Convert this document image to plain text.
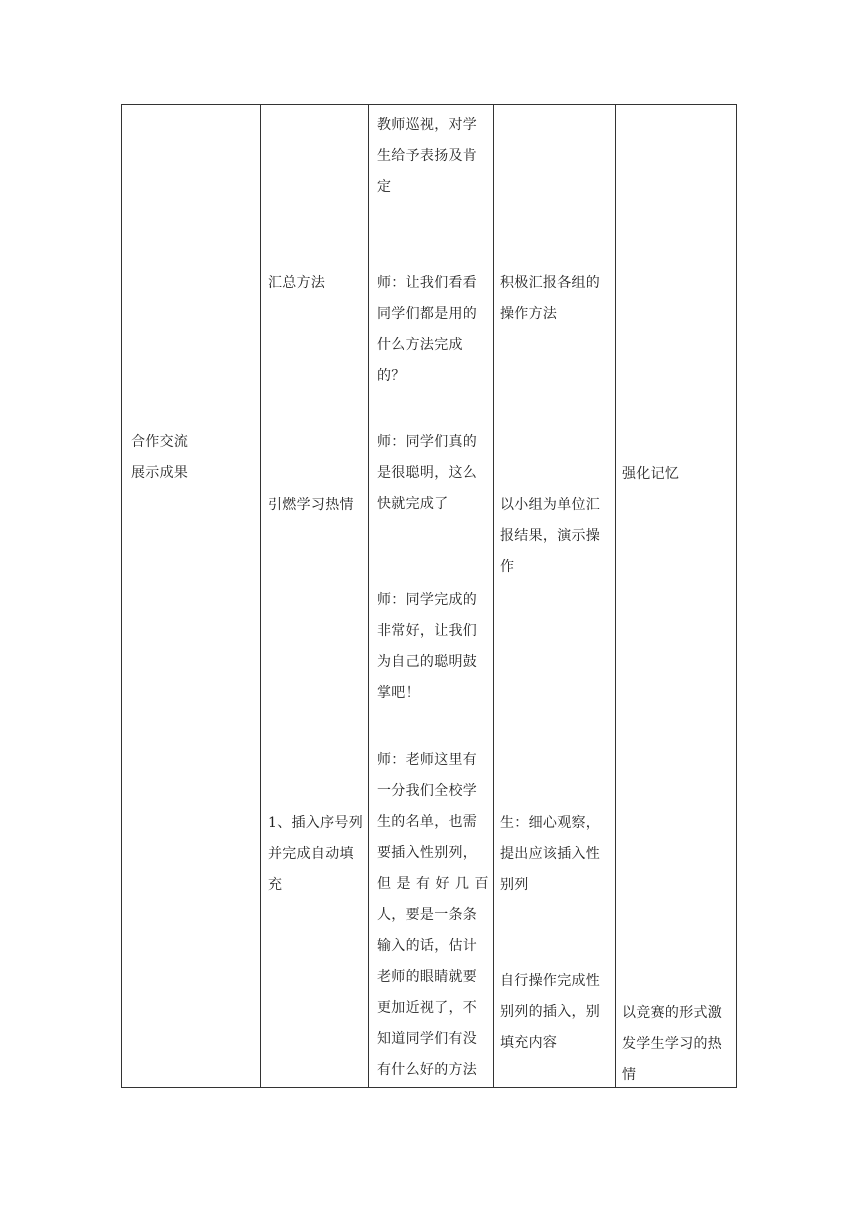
合作交流
展示成果
汇总方法
引燃学习热情
1、插入序号列
并完成自动填
充
教师巡视，对学
生给予表扬及肯
定
师：让我们看看
同学们都是用的
什么方法完成
的？
师：同学们真的
是很聪明，这么
快就完成了
师：同学完成的
非常好，让我们
为自己的聪明鼓
掌吧！
师：老师这里有
一分我们全校学
生的名单，也需
要插入性别列，
但是有好几百
人，要是一条条
输入的话，估计
老师的眼睛就要
更加近视了，不
知道同学们有没
有什么好的方法
积极汇报各组的
操作方法
以小组为单位汇
报结果，演示操
作
生：细心观察，
提出应该插入性
别列
自行操作完成性
别列的插入，别
填充内容
强化记忆
以竞赛的形式激
发学生学习的热
情
